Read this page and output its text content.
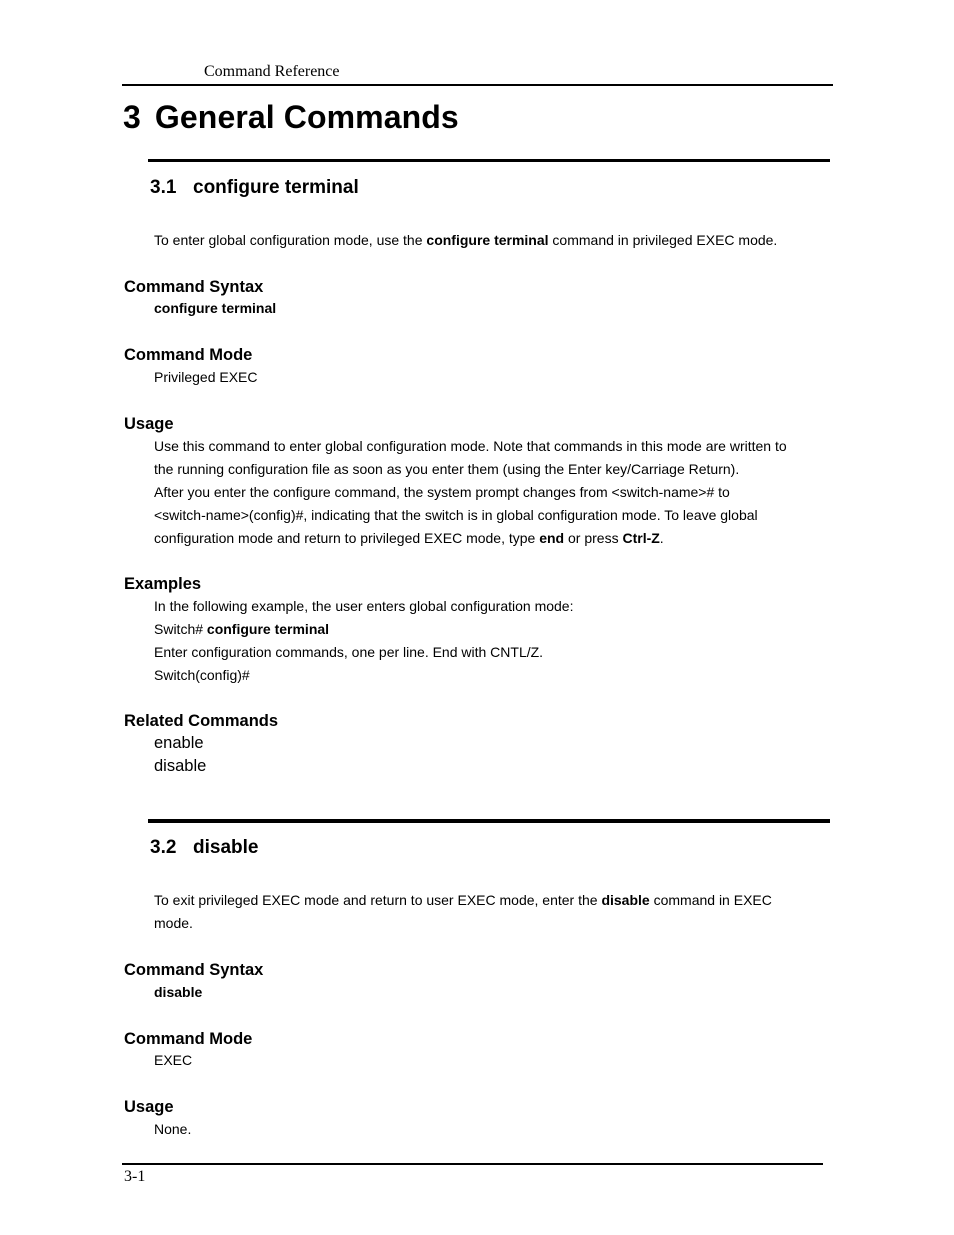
Command Reference
3 General Commands
3.1 configure terminal
To enter global configuration mode, use the configure terminal command in privileged EXEC mode.
Command Syntax
configure terminal
Command Mode
Privileged EXEC
Usage
Use this command to enter global configuration mode. Note that commands in this mode are written to
the running configuration file as soon as you enter them (using the Enter key/Carriage Return).
After you enter the configure command, the system prompt changes from <switch-name># to
<switch-name>(config)#, indicating that the switch is in global configuration mode. To leave global
configuration mode and return to privileged EXEC mode, type end or press Ctrl-Z.
Examples
In the following example, the user enters global configuration mode:
Switch# configure terminal
Enter configuration commands, one per line. End with CNTL/Z.
Switch(config)#
Related Commands
enable
disable
3.2 disable
To exit privileged EXEC mode and return to user EXEC mode, enter the disable command in EXEC
mode.
Command Syntax
disable
Command Mode
EXEC
Usage
None.
3-1
